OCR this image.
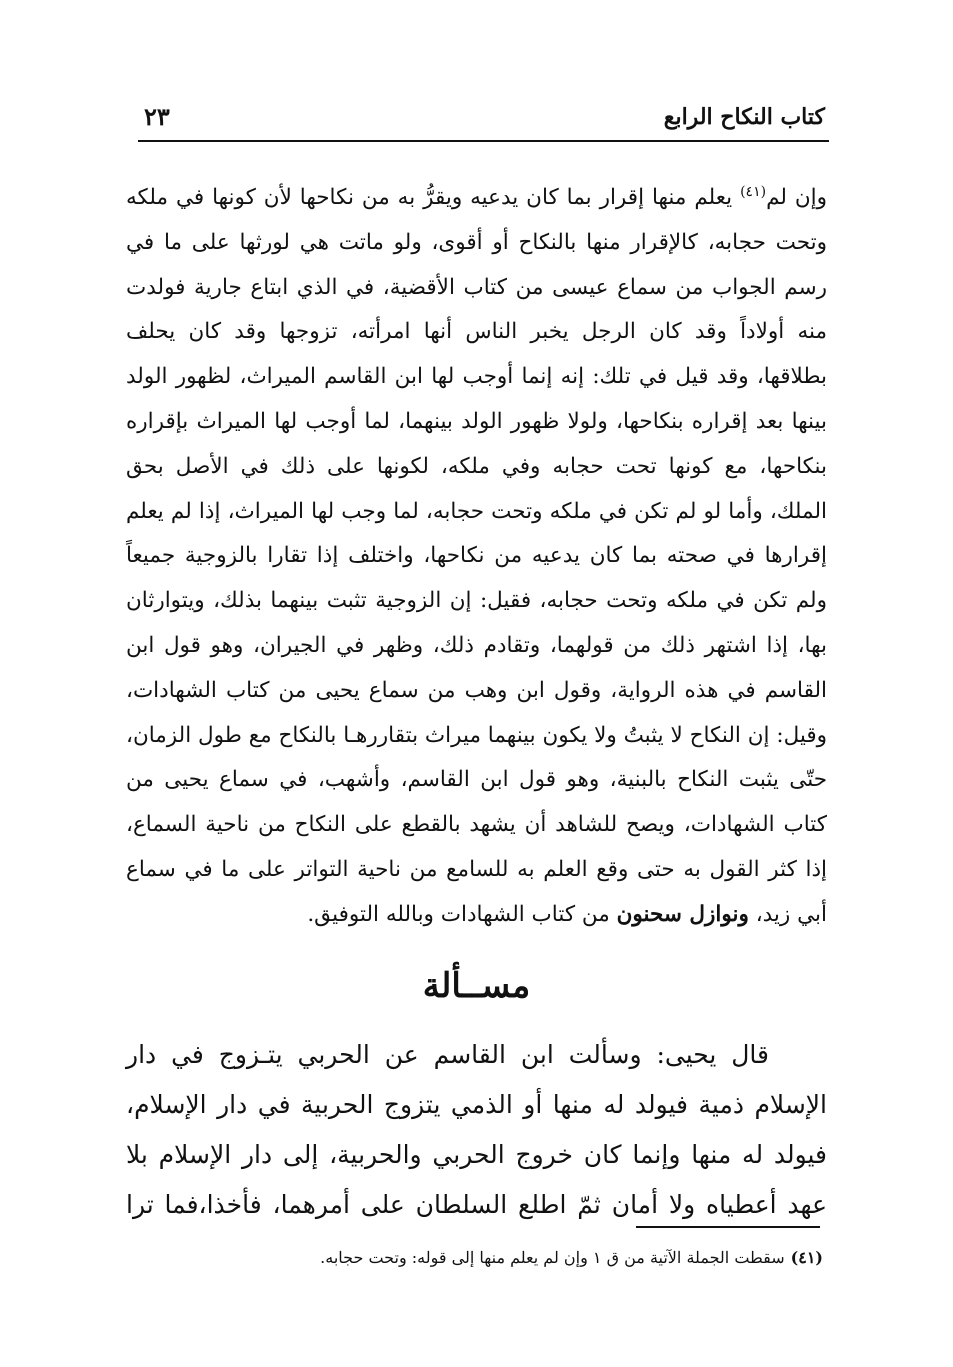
كتاب النكاح الرابع
٢٣

وإن لم$^{(٤١)}$ يعلم منها إقرار بما كان يدعيه ويقرُّ به من نكاحها لأن كونها في ملكه وتحت حجابه، كالإقرار منها بالنكاح أو أقوى، ولو ماتت هي لورثها على ما في رسم الجواب من سماع عيسى من كتاب الأقضية، في الذي ابتاع جارية فولدت منه أولاداً وقد كان الرجل يخبر الناس أنها امرأته، تزوجها وقد كان يحلف بطلاقها، وقد قيل في تلك: إنه إنما أوجب لها ابن القاسم الميراث، لظهور الولد بينها بعد إقراره بنكاحها، ولولا ظهور الولد بينهما، لما أوجب لها الميراث بإقراره بنكاحها، مع كونها تحت حجابه وفي ملكه، لكونها على ذلك في الأصل بحق الملك، وأما لو لم تكن في ملكه وتحت حجابه، لما وجب لها الميراث، إذا لم يعلم إقرارها في صحته بما كان يدعيه من نكاحها، واختلف إذا تقارا بالزوجية جميعاً ولم تكن في ملكه وتحت حجابه، فقيل: إن الزوجية تثبت بينهما بذلك، ويتوارثان بها، إذا اشتهر ذلك من قولهما، وتقادم ذلك، وظهر في الجيران، وهو قول ابن القاسم في هذه الرواية، وقول ابن وهب من سماع يحيى من كتاب الشهادات، وقيل: إن النكاح لا يثبتُ ولا يكون بينهما ميراث بتقاررهـا بالنكاح مع طول الزمان، حتّى يثبت النكاح بالبنية، وهو قول ابن القاسم، وأشهب، في سماع يحيى من كتاب الشهادات، ويصح للشاهد أن يشهد بالقطع على النكاح من ناحية السماع، إذا كثر القول به حتى وقع العلم به للسامع من ناحية التواتر على ما في سماع أبي زيد، ونوازل سحنون من كتاب الشهادات وبالله التوفيق.

مســألة

قال يحيى: وسألت ابن القاسم عن الحربي يتـزوج في دار الإسلام ذمية فيولد له منها أو الذمي يتزوج الحربية في دار الإسلام، فيولد له منها وإنما كان خروج الحربي والحربية، إلى دار الإسلام بلا عهد أعطياه ولا أمان ثمّ اطلع السلطان على أمرهما، فأخذا،فما ترا

(٤١)سقطت الجملة الآتية من ق ١ وإن لم يعلم منها إلى قوله: وتحت حجابه.
